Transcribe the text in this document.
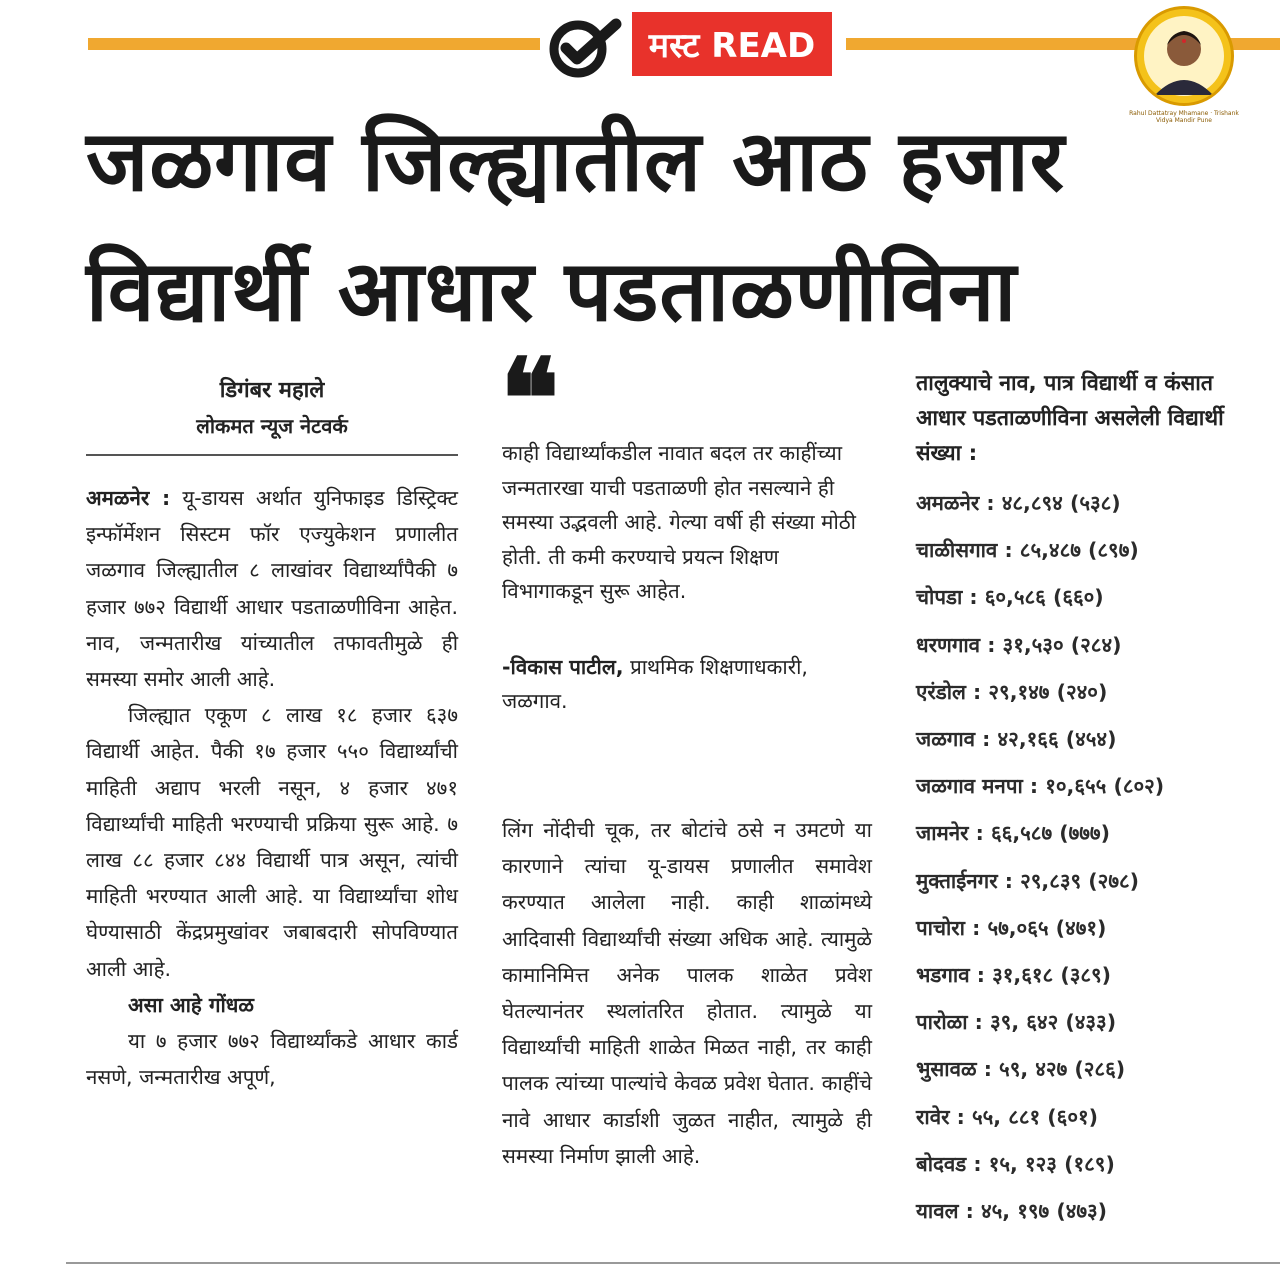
मस्ट READ
Rahul Dattatray Mhamane · Trishank Vidya Mandir Pune
जळगाव जिल्ह्यातील आठ हजार
विद्यार्थी आधार पडताळणीविना
डिगंबर महाले
लोकमत न्यूज नेटवर्क

अमळनेर : यू-डायस अर्थात युनिफाइड डिस्ट्रिक्ट इन्फॉर्मेशन सिस्टम फॉर एज्युकेशन प्रणालीत जळगाव जिल्ह्यातील ८ लाखांवर विद्यार्थ्यांपैकी ७ हजार ७७२ विद्यार्थी आधार पडताळणीविना आहेत. नाव, जन्मतारीख यांच्यातील तफावतीमुळे ही समस्या समोर आली आहे.

जिल्ह्यात एकूण ८ लाख १८ हजार ६३७ विद्यार्थी आहेत. पैकी १७ हजार ५५० विद्यार्थ्यांची माहिती अद्याप भरली नसून, ४ हजार ४७१ विद्यार्थ्यांची माहिती भरण्याची प्रक्रिया सुरू आहे. ७ लाख ८८ हजार ८४४ विद्यार्थी पात्र असून, त्यांची माहिती भरण्यात आली आहे. या विद्यार्थ्यांचा शोध घेण्यासाठी केंद्रप्रमुखांवर जबाबदारी सोपविण्यात आली आहे.

असा आहे गोंधळ

या ७ हजार ७७२ विद्यार्थ्यांकडे आधार कार्ड नसणे, जन्मतारीख अपूर्ण,

❝

काही विद्यार्थ्यांकडील नावात बदल तर काहींच्या जन्मतारखा याची पडताळणी होत नसल्याने ही समस्या उद्भवली आहे. गेल्या वर्षी ही संख्या मोठी होती. ती कमी करण्याचे प्रयत्न शिक्षण विभागाकडून सुरू आहेत.

-विकास पाटील, प्राथमिक शिक्षणाधकारी, जळगाव.

लिंग नोंदीची चूक, तर बोटांचे ठसे न उमटणे या कारणाने त्यांचा यू-डायस प्रणालीत समावेश करण्यात आलेला नाही. काही शाळांमध्ये आदिवासी विद्यार्थ्यांची संख्या अधिक आहे. त्यामुळे कामानिमित्त अनेक पालक शाळेत प्रवेश घेतल्यानंतर स्थलांतरित होतात. त्यामुळे या विद्यार्थ्यांची माहिती शाळेत मिळत नाही, तर काही पालक त्यांच्या पाल्यांचे केवळ प्रवेश घेतात. काहींचे नावे आधार कार्डाशी जुळत नाहीत, त्यामुळे ही समस्या निर्माण झाली आहे.

तालुक्याचे नाव, पात्र विद्यार्थी व कंसात आधार पडताळणीविना असलेली विद्यार्थी संख्या :

अमळनेर : ४८,८९४ (५३८)
चाळीसगाव : ८५,४८७ (८९७)
चोपडा : ६०,५८६ (६६०)
धरणगाव : ३१,५३० (२८४)
एरंडोल : २९,१४७ (२४०)
जळगाव : ४२,१६६ (४५४)
जळगाव मनपा : १०,६५५ (८०२)
जामनेर : ६६,५८७ (७७७)
मुक्ताईनगर : २९,८३९ (२७८)
पाचोरा : ५७,०६५ (४७१)
भडगाव : ३१,६१८ (३८९)
पारोळा : ३९, ६४२ (४३३)
भुसावळ : ५९, ४२७ (२८६)
रावेर : ५५, ८८१ (६०१)
बोदवड : १५, १२३ (१८९)
यावल : ४५, १९७ (४७३)
